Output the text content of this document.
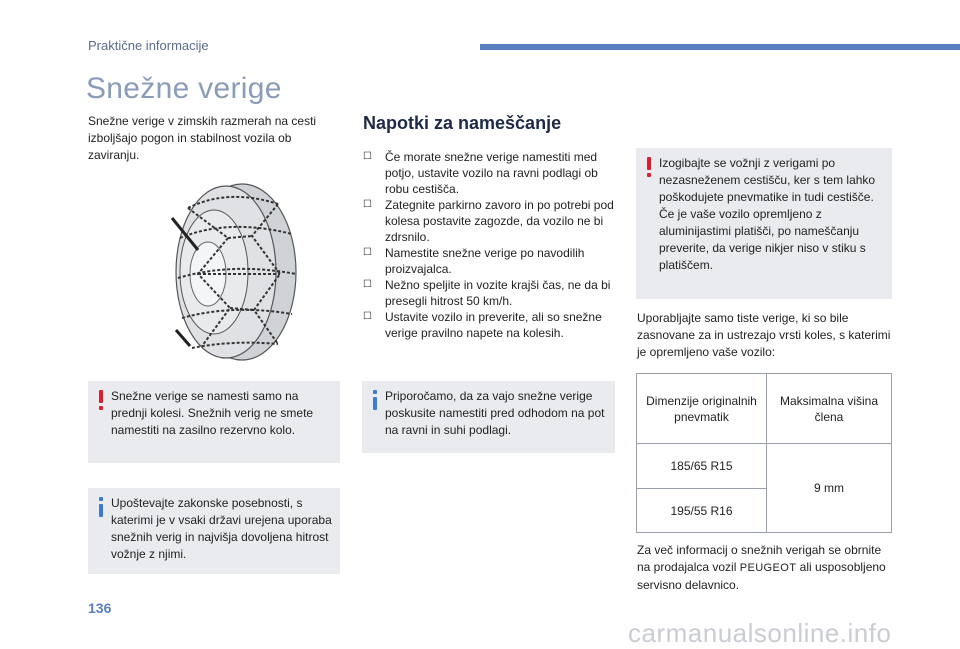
Praktične informacije
Snežne verige
Snežne verige v zimskih razmerah na cesti izboljšajo pogon in stabilnost vozila ob zaviranju.
Snežne verige se namesti samo na prednji kolesi. Snežnih verig ne smete namestiti na zasilno rezervno kolo.
Upoštevajte zakonske posebnosti, s katerimi je v vsaki državi urejena uporaba snežnih verig in najvišja dovoljena hitrost vožnje z njimi.
Napotki za nameščanje
☐ Če morate snežne verige namestiti med potjo, ustavite vozilo na ravni podlagi ob robu cestišča.
☐ Zategnite parkirno zavoro in po potrebi pod kolesa postavite zagozde, da vozilo ne bi zdrsnilo.
☐ Namestite snežne verige po navodilih proizvajalca.
☐ Nežno speljite in vozite krajši čas, ne da bi presegli hitrost 50 km/h.
☐ Ustavite vozilo in preverite, ali so snežne verige pravilno napete na kolesih.
Priporočamo, da za vajo snežne verige poskusite namestiti pred odhodom na pot na ravni in suhi podlagi.
Izogibajte se vožnji z verigami po nezasneženem cestišču, ker s tem lahko poškodujete pnevmatike in tudi cestišče. Če je vaše vozilo opremljeno z aluminijastimi platišči, po nameščanju preverite, da verige nikjer niso v stiku s platiščem.
Uporabljajte samo tiste verige, ki so bile zasnovane za in ustrezajo vrsti koles, s katerimi je opremljeno vaše vozilo:
Dimenzije originalnih pnevmatik	Maksimalna višina člena
185/65 R15	9 mm
195/55 R16	
Za več informacij o snežnih verigah se obrnite na prodajalca vozil PEUGEOT ali usposobljeno servisno delavnico.
136
carmanualsonline.info
